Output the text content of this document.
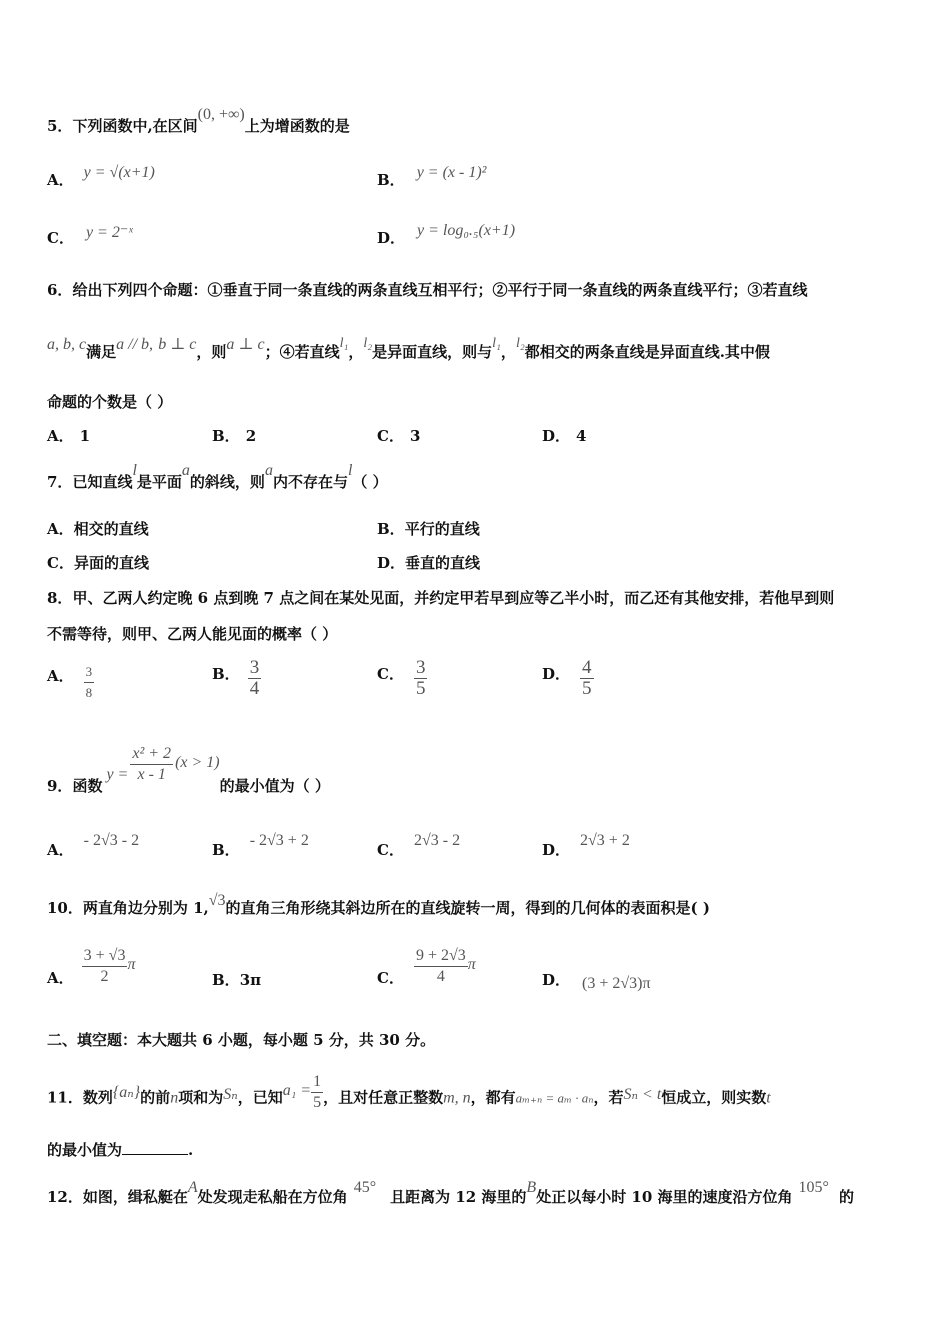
5．下列函数中,在区间(0, +∞)上为增函数的是
A． y = √(x+1)	B． y = (x - 1)²
C． y = 2⁻ˣ	D． y = log₀.₅(x+1)
6．给出下列四个命题：①垂直于同一条直线的两条直线互相平行；②平行于同一条直线的两条直线平行；③若直线
a, b, c满足a // b, b ⊥ c，则a ⊥ c；④若直线l₁，l₂是异面直线，则与l₁，l₂都相交的两条直线是异面直线.其中假
命题的个数是（ ）
A． 1	B． 2	C． 3	D． 4
7．已知直线l是平面a的斜线，则a内不存在与l（ ）
A．相交的直线	B．平行的直线
C．异面的直线	D．垂直的直线
8．甲、乙两人约定晚 6 点到晚 7 点之间在某处见面，并约定甲若早到应等乙半小时，而乙还有其他安排，若他早到则
不需等待，则甲、乙两人能见面的概率（ ）
A． $\frac{3}{8}$	B． $\frac{3}{4}$	C． $\frac{3}{5}$	D． $\frac{4}{5}$
9．函数$y = \frac{\text{x² + 2}}{x - 1} (x > 1)$的最小值为（ ）
A．- 2√3 - 2
B．- 2√3 + 2
C．2√3 - 2
D．2√3 + 2
10．两直角边分别为 1,√3的直角三角形绕其斜边所在的直线旋转一周，得到的几何体的表面积是( )
A． $\frac{3 + √3}{2}$ π
B．3π	C． $\frac{9 + 2√3}{4}$ π
D． (3 + 2√3)π
二、填空题：本大题共 6 小题，每小题 5 分，共 30 分。
11．数列{aₙ}的前n项和为Sₙ，已知$a_1 = \frac{1}{5}$ ，且对任意正整数m, n，都有aₘ₊ₙ = aₘ · aₙ，若Sₙ < t恒成立，则实数t
的最小值为	.
12．如图，缉私艇在A处发现走私船在方位角45°且距离为 12 海里的B处正以每小时 10 海里的速度沿方位角105°的
